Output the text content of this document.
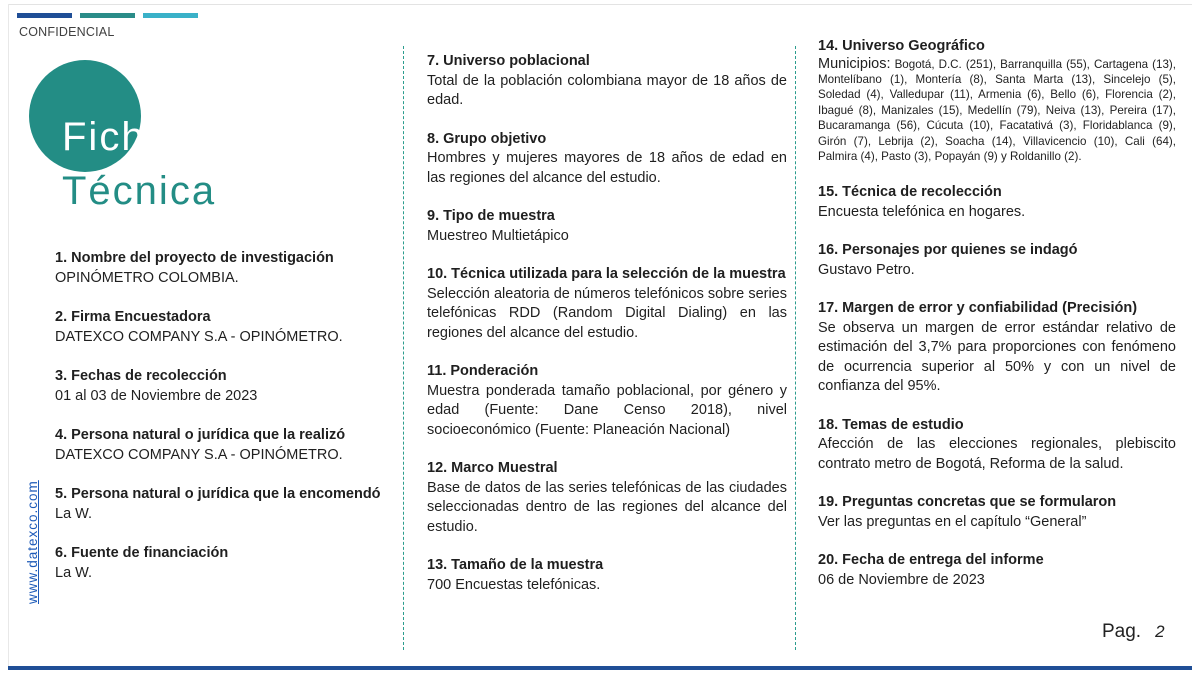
CONFIDENCIAL
Ficha
Técnica
www.datexco.com
1. Nombre del proyecto de investigación

OPINÓMETRO COLOMBIA.

2. Firma Encuestadora

DATEXCO COMPANY S.A - OPINÓMETRO.

3. Fechas de recolección

01 al 03 de Noviembre de 2023

4. Persona natural o jurídica que la realizó

DATEXCO COMPANY S.A - OPINÓMETRO.

5. Persona natural o jurídica que la encomendó

La W.

6. Fuente de financiación

La W.

7. Universo poblacional

Total de la población colombiana mayor de 18 años de edad.

8. Grupo objetivo

Hombres y mujeres mayores de 18 años de edad en las regiones del alcance del estudio.

9. Tipo de muestra

Muestreo Multietápico

10. Técnica utilizada para la selección de la muestra

Selección aleatoria de números telefónicos sobre series telefónicas RDD (Random Digital Dialing) en las regiones del alcance del estudio.

11. Ponderación

Muestra ponderada tamaño poblacional, por género y edad (Fuente: Dane Censo 2018), nivel socioeconómico (Fuente: Planeación Nacional)

12. Marco Muestral

Base de datos de las series telefónicas de las ciudades seleccionadas dentro de las regiones del alcance del estudio.

13. Tamaño de la muestra

700 Encuestas telefónicas.

14. Universo Geográfico

Municipios: Bogotá, D.C. (251), Barranquilla (55), Cartagena (13), Montelíbano (1), Montería (8), Santa Marta (13), Sincelejo (5), Soledad (4), Valledupar (11), Armenia (6), Bello (6), Florencia (2), Ibagué (8), Manizales (15), Medellín (79), Neiva (13), Pereira (17), Bucaramanga (56), Cúcuta (10), Facatativá (3), Floridablanca (9), Girón (7), Lebrija (2), Soacha (14), Villavicencio (10), Cali (64), Palmira (4), Pasto (3), Popayán (9) y Roldanillo (2).

15. Técnica de recolección

Encuesta telefónica en hogares.

16. Personajes por quienes se indagó

Gustavo Petro.

17. Margen de error y confiabilidad (Precisión)

Se observa un margen de error estándar relativo de estimación del 3,7% para proporciones con fenómeno de ocurrencia superior al 50% y con un nivel de confianza del 95%.

18. Temas de estudio

Afección de las elecciones regionales, plebiscito contrato metro de Bogotá, Reforma de la salud.

19. Preguntas concretas que se formularon

Ver las preguntas en el capítulo “General”

20. Fecha de entrega del informe

06 de Noviembre de 2023

Pag. 2
